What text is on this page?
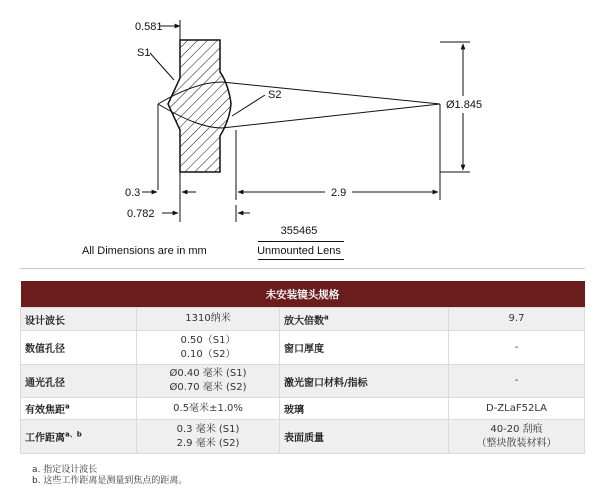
0.581
S1
S2
Ø1.845
0.3	2.9
0.782
All Dimensions are in mm
355465
Unmounted Lens
未安装镜头规格			
设计波长	1310纳米	放大倍数$^a$	9.7

数值孔径	0.50（S1）
0.10（S2）	窗口厚度	-

通光孔径	Ø0.40 毫米 (S1)
Ø0.70 毫米 (S2)	激光窗口材料/指标	-

有效焦距$^a$	0.5毫米±1.0%	玻璃	D-ZLaF52LA

工作距离$^{a、b}$	0.3 毫米 (S1)
2.9 毫米 (S2)	表面质量	40-20 刮痕
（整块散装材料）
a. 指定设计波长
b. 这些工作距离是测量到焦点的距离。
